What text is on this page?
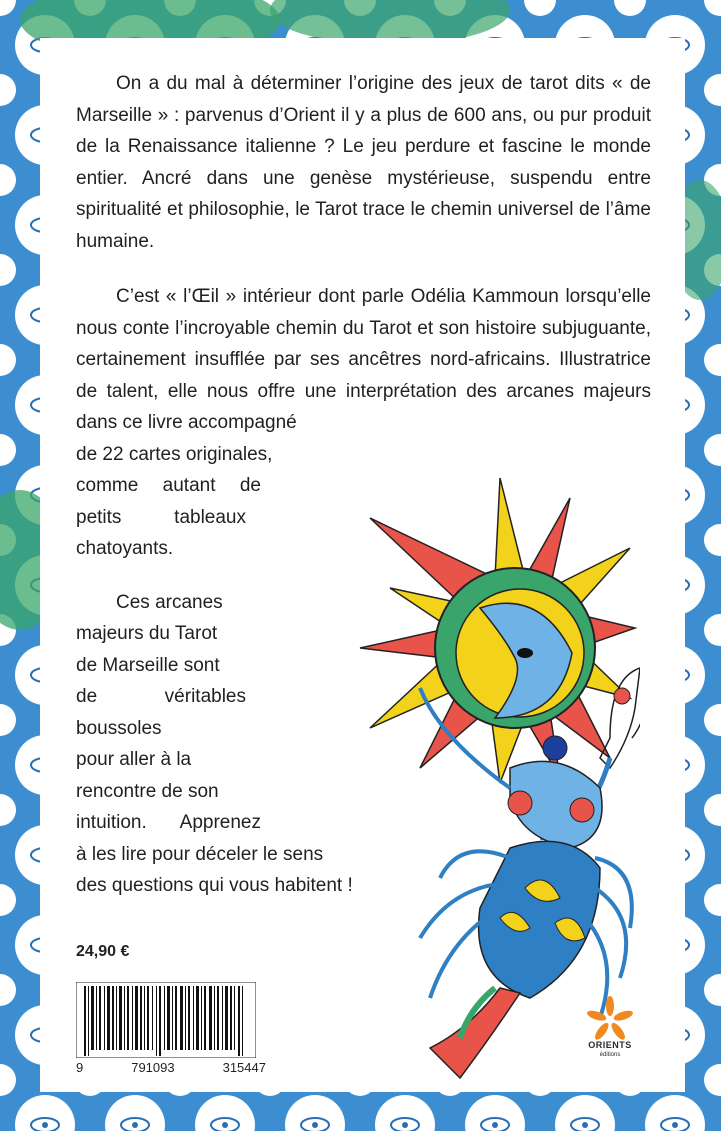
On a du mal à déterminer l’origine des jeux de tarot dits « de Marseille » : parvenus d’Orient il y a plus de 600 ans, ou pur produit de la Renaissance italienne ? Le jeu perdure et fascine le monde entier. Ancré dans une genèse mystérieuse, suspendu entre spiritualité et philosophie, le Tarot trace le chemin universel de l’âme humaine.

C’est « l’Œil » intérieur dont parle Odélia Kammoun lorsqu’elle nous conte l’incroyable chemin du Tarot et son histoire subjuguante, certainement insufflée par ses ancêtres nord-africains. Illustratrice de talent, elle nous offre une interprétation des arcanes majeurs dans ce livre accompagné

de 22 cartes originales,
comme autant de
petits tableaux
chatoyants.
Ces arcanes
majeurs du Tarot
de Marseille sont
de véritables
boussoles
pour aller à la
rencontre de son
intuition. Apprenez
à les lire pour déceler le sens
des questions qui vous habitent !
24,90 €
9	791093	315447
ORIENTS
éditions
